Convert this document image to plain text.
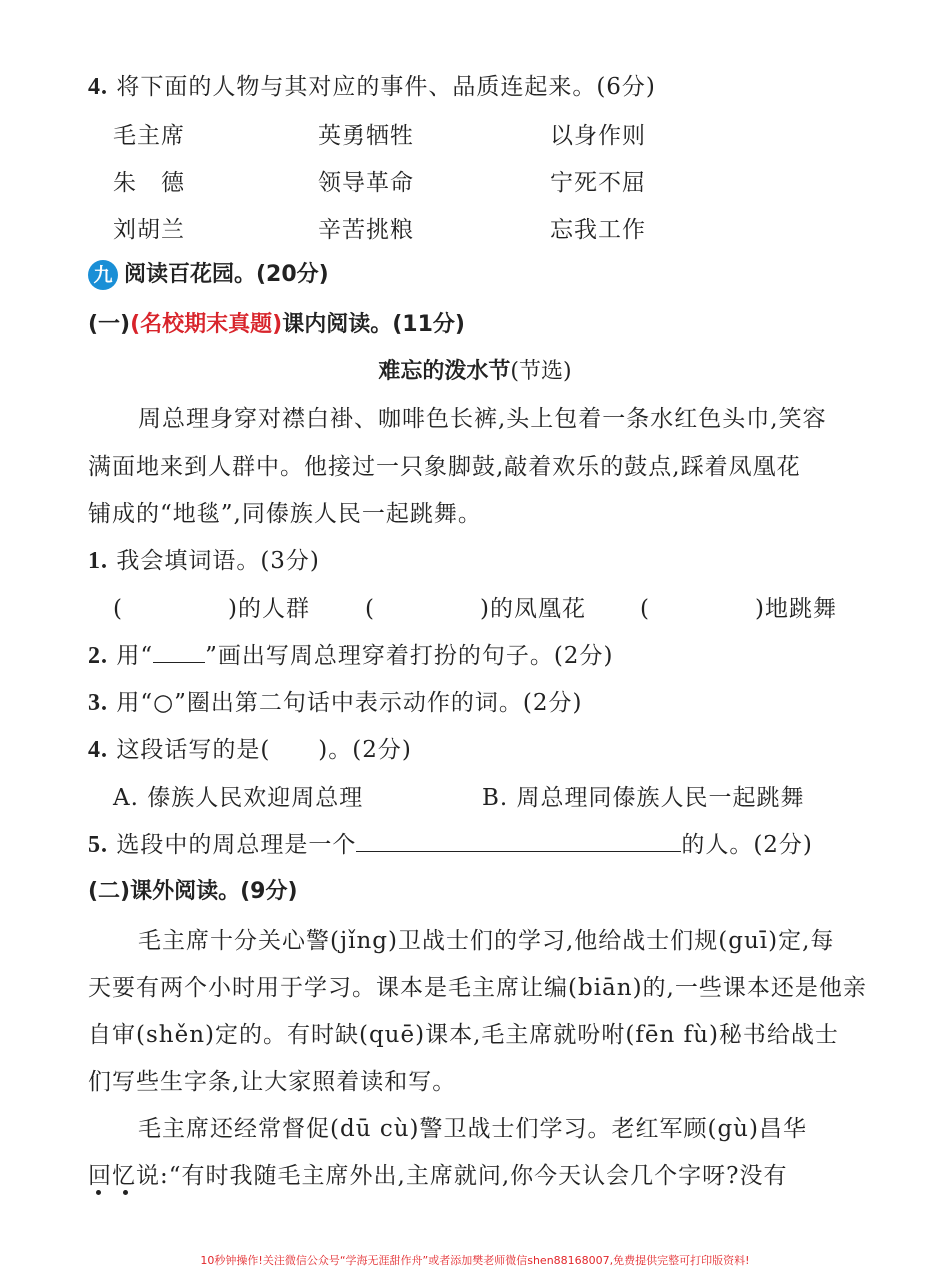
4. 将下面的人物与其对应的事件、品质连起来。(6分)
毛主席	英勇牺牲	以身作则
朱　德	领导革命	宁死不屈
刘胡兰	辛苦挑粮	忘我工作
九 阅读百花园。(20分)
(一)(名校期末真题)课内阅读。(11分)
难忘的泼水节(节选)
周总理身穿对襟白褂、咖啡色长裤,头上包着一条水红色头巾,笑容
满面地来到人群中。他接过一只象脚鼓,敲着欢乐的鼓点,踩着凤凰花
铺成的“地毯”,同傣族人民一起跳舞。
1. 我会填词语。(3分)
(	)的人群 (	)的凤凰花 (	)地跳舞
2. 用“ ”画出写周总理穿着打扮的句子。(2分)
3. 用“○”圈出第二句话中表示动作的词。(2分)
4. 这段话写的是(　　)。(2分)
A. 傣族人民欢迎周总理	B. 周总理同傣族人民一起跳舞
5. 选段中的周总理是一个	的人。(2分)
(二)课外阅读。(9分)
毛主席十分关心警(jǐng)卫战士们的学习,他给战士们规(guī)定,每
天要有两个小时用于学习。课本是毛主席让编(biān)的,一些课本还是他亲
自审(shěn)定的。有时缺(quē)课本,毛主席就吩咐(fēn fù)秘书给战士
们写些生字条,让大家照着读和写。
毛主席还经常督促(dū cù)警卫战士们学习。老红军顾(gù)昌华
回忆说:“有时我随毛主席外出,主席就问,你今天认会几个字呀?没有
10秒钟操作!关注微信公众号“学海无涯甜作舟”或者添加樊老师微信shen88168007,免费提供完整可打印版资料!
